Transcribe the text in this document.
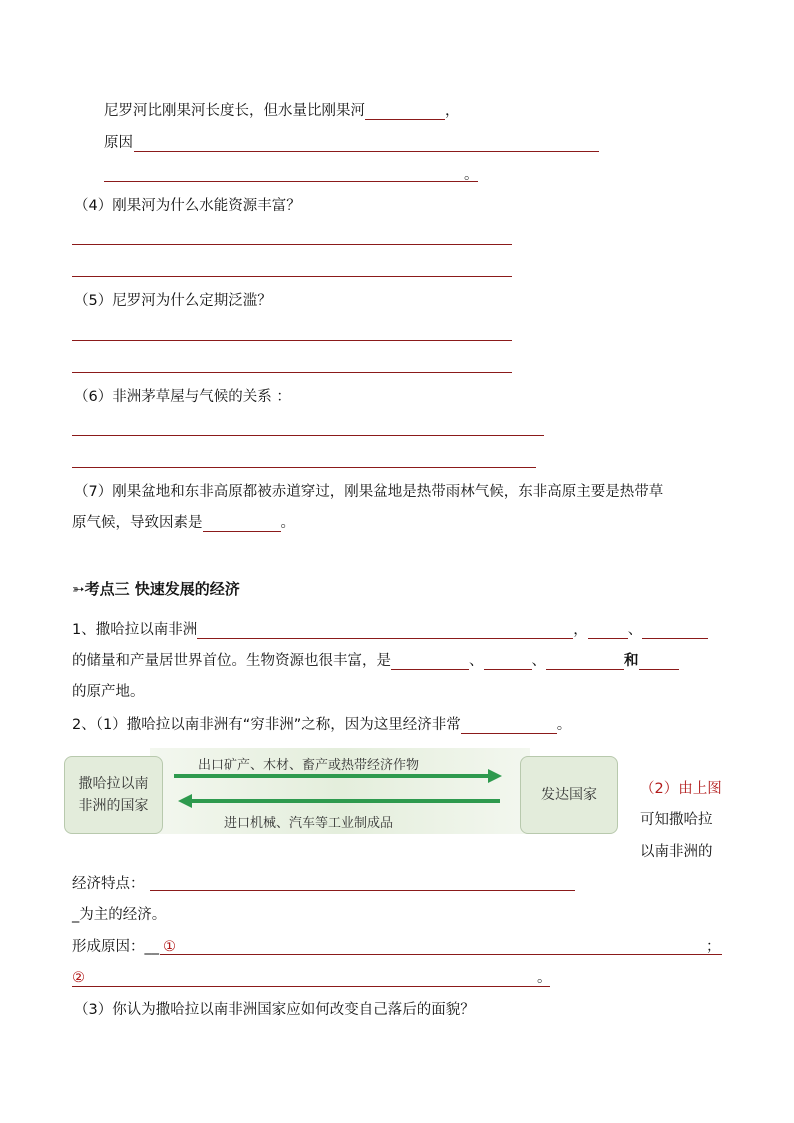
尼罗河比刚果河长度长，但水量比刚果河	，
原因
。
（4）刚果河为什么水能资源丰富？
（5）尼罗河为什么定期泛滥？
（6）非洲茅草屋与气候的关系 ：
（7）刚果盆地和东非高原都被赤道穿过，刚果盆地是热带雨林气候，东非高原主要是热带草
原气候，导致因素是	。
➳考点三 快速发展的经济
1、撒哈拉以南非洲	，	、
的储量和产量居世界首位。生物资源也很丰富，是	、	、	和
的原产地。
2、（1）撒哈拉以南非洲有“穷非洲”之称，因为这里经济非常	。
撒哈拉以南非洲的国家
发达国家
出口矿产、木材、畜产或热带经济作物
进口机械、汽车等工业制成品
（2）由上图
可知撒哈拉
以南非洲的
经济特点：
_为主的经济。
形成原因：__ ①	；
②	。
（3）你认为撒哈拉以南非洲国家应如何改变自己落后的面貌？
